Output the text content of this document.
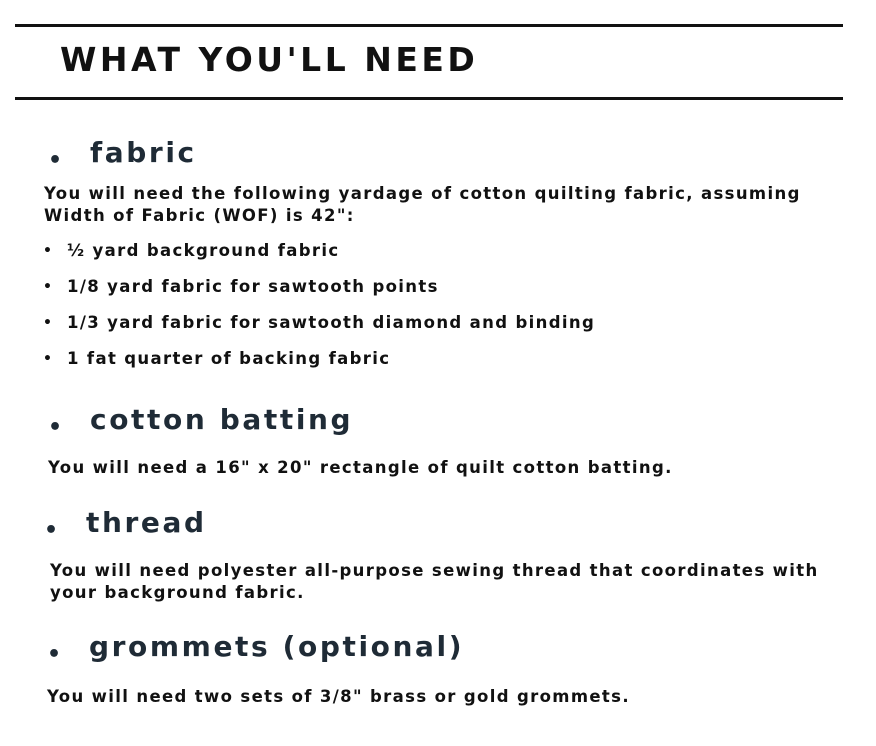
WHAT YOU'LL NEED
• fabric

You will need the following yardage of cotton quilting fabric, assuming Width of Fabric (WOF) is 42":

• ½ yard background fabric
• 1/8 yard fabric for sawtooth points
• 1/3 yard fabric for sawtooth diamond and binding
• 1 fat quarter of backing fabric
• cotton batting

You will need a 16" x 20" rectangle of quilt cotton batting.

• thread

You will need polyester all-purpose sewing thread that coordinates with your background fabric.

• grommets (optional)

You will need two sets of 3/8" brass or gold grommets.
